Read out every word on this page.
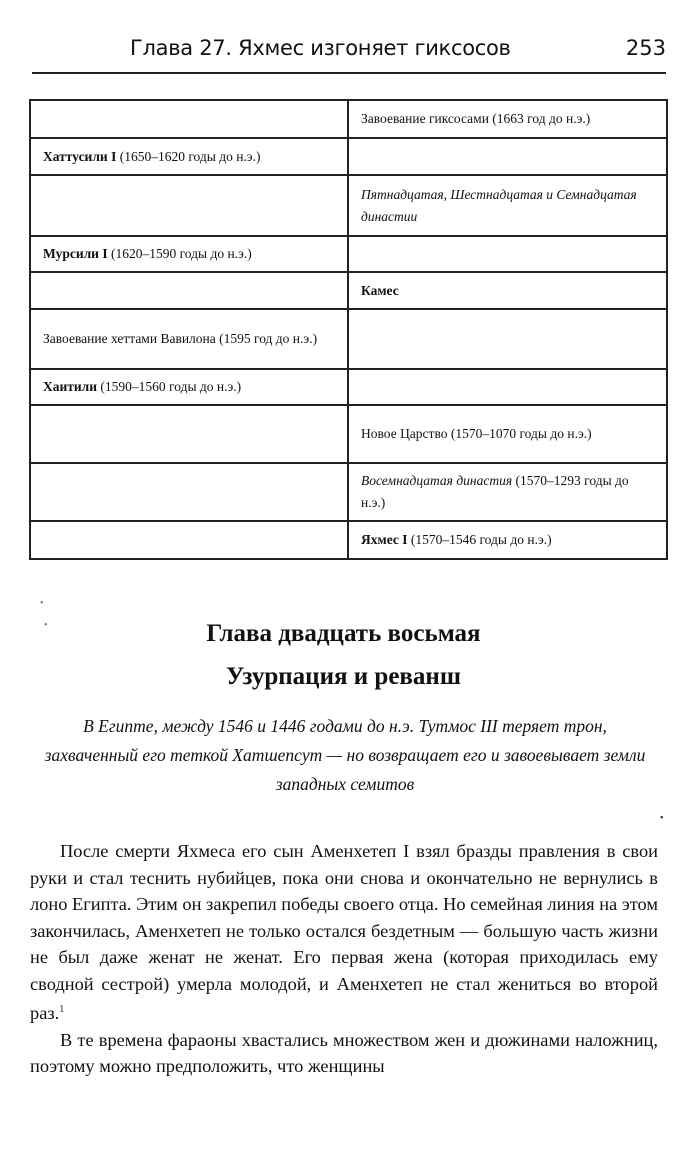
Глава 27. Яхмес изгоняет гиксосов	253
	Завоевание гиксосами (1663 год до н.э.)
Хаттусили I (1650–1620 годы до н.э.)	
	Пятнадцатая, Шестнадцатая и Семнадцатая династии
Мурсили I (1620–1590 годы до н.э.)	
	Камес
Завоевание хеттами Вавилона (1595 год до н.э.)	
Хаитили (1590–1560 годы до н.э.)	
	Новое Царство (1570–1070 годы до н.э.)
	Восемнадцатая династия (1570–1293 годы до н.э.)
	Яхмес I (1570–1546 годы до н.э.)
Глава двадцать восьмая
Узурпация и реванш
В Египте, между 1546 и 1446 годами до н.э. Тутмос III теряет трон, захваченный его теткой Хатшепсут — но возвращает его и завоевывает земли западных семитов

После смерти Яхмеса его сын Аменхетеп I взял бразды правления в свои руки и стал теснить нубийцев, пока они снова и окончательно не вернулись в лоно Египта. Этим он закрепил победы своего отца. Но семейная линия на этом закончилась, Аменхетеп не только остался бездетным — большую часть жизни не был даже женат не женат. Его первая жена (которая приходилась ему сводной сестрой) умерла молодой, и Аменхетеп не стал жениться во второй раз.$^1$

В те времена фараоны хвастались множеством жен и дюжинами наложниц, поэтому можно предположить, что женщины

•
•
•
